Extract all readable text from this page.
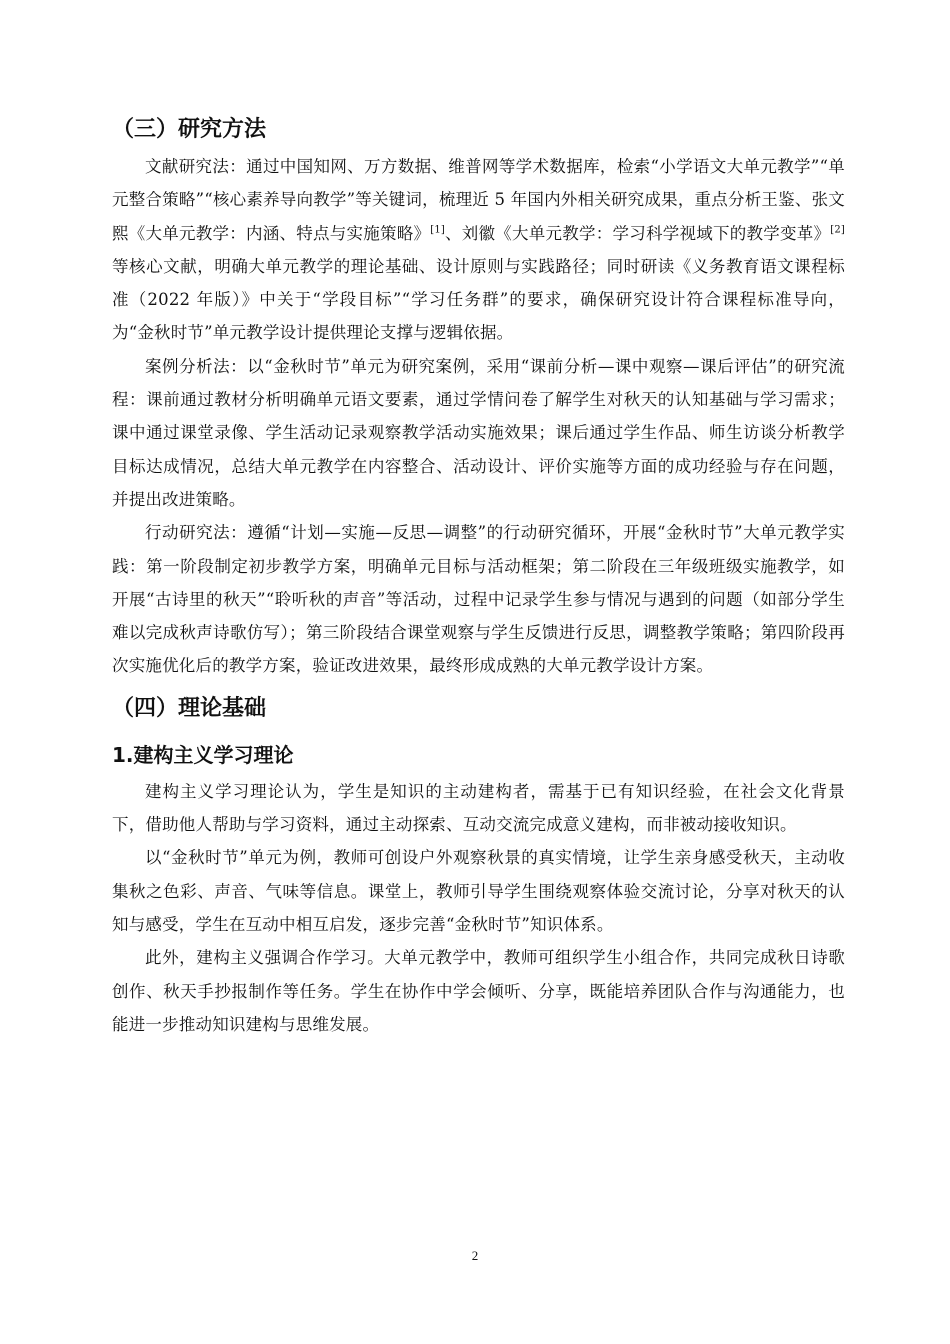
（三）研究方法

文献研究法：通过中国知网、万方数据、维普网等学术数据库，检索“小学语文大单元教学”“单元整合策略”“核心素养导向教学”等关键词，梳理近 5 年国内外相关研究成果，重点分析王鉴、张文熙《大单元教学：内涵、特点与实施策略》[1]、刘徽《大单元教学：学习科学视域下的教学变革》[2]等核心文献，明确大单元教学的理论基础、设计原则与实践路径；同时研读《义务教育语文课程标准（2022 年版）》中关于“学段目标”“学习任务群”的要求，确保研究设计符合课程标准导向，为“金秋时节”单元教学设计提供理论支撑与逻辑依据。

案例分析法：以“金秋时节”单元为研究案例，采用“课前分析—课中观察—课后评估”的研究流程：课前通过教材分析明确单元语文要素，通过学情问卷了解学生对秋天的认知基础与学习需求；课中通过课堂录像、学生活动记录观察教学活动实施效果；课后通过学生作品、师生访谈分析教学目标达成情况，总结大单元教学在内容整合、活动设计、评价实施等方面的成功经验与存在问题，并提出改进策略。

行动研究法：遵循“计划—实施—反思—调整”的行动研究循环，开展“金秋时节”大单元教学实践：第一阶段制定初步教学方案，明确单元目标与活动框架；第二阶段在三年级班级实施教学，如开展“古诗里的秋天”“聆听秋的声音”等活动，过程中记录学生参与情况与遇到的问题（如部分学生难以完成秋声诗歌仿写）；第三阶段结合课堂观察与学生反馈进行反思，调整教学策略；第四阶段再次实施优化后的教学方案，验证改进效果，最终形成成熟的大单元教学设计方案。

（四）理论基础
1.建构主义学习理论

建构主义学习理论认为，学生是知识的主动建构者，需基于已有知识经验，在社会文化背景下，借助他人帮助与学习资料，通过主动探索、互动交流完成意义建构，而非被动接收知识。

以“金秋时节”单元为例，教师可创设户外观察秋景的真实情境，让学生亲身感受秋天，主动收集秋之色彩、声音、气味等信息。课堂上，教师引导学生围绕观察体验交流讨论，分享对秋天的认知与感受，学生在互动中相互启发，逐步完善“金秋时节”知识体系。

此外，建构主义强调合作学习。大单元教学中，教师可组织学生小组合作，共同完成秋日诗歌创作、秋天手抄报制作等任务。学生在协作中学会倾听、分享，既能培养团队合作与沟通能力，也能进一步推动知识建构与思维发展。

2
